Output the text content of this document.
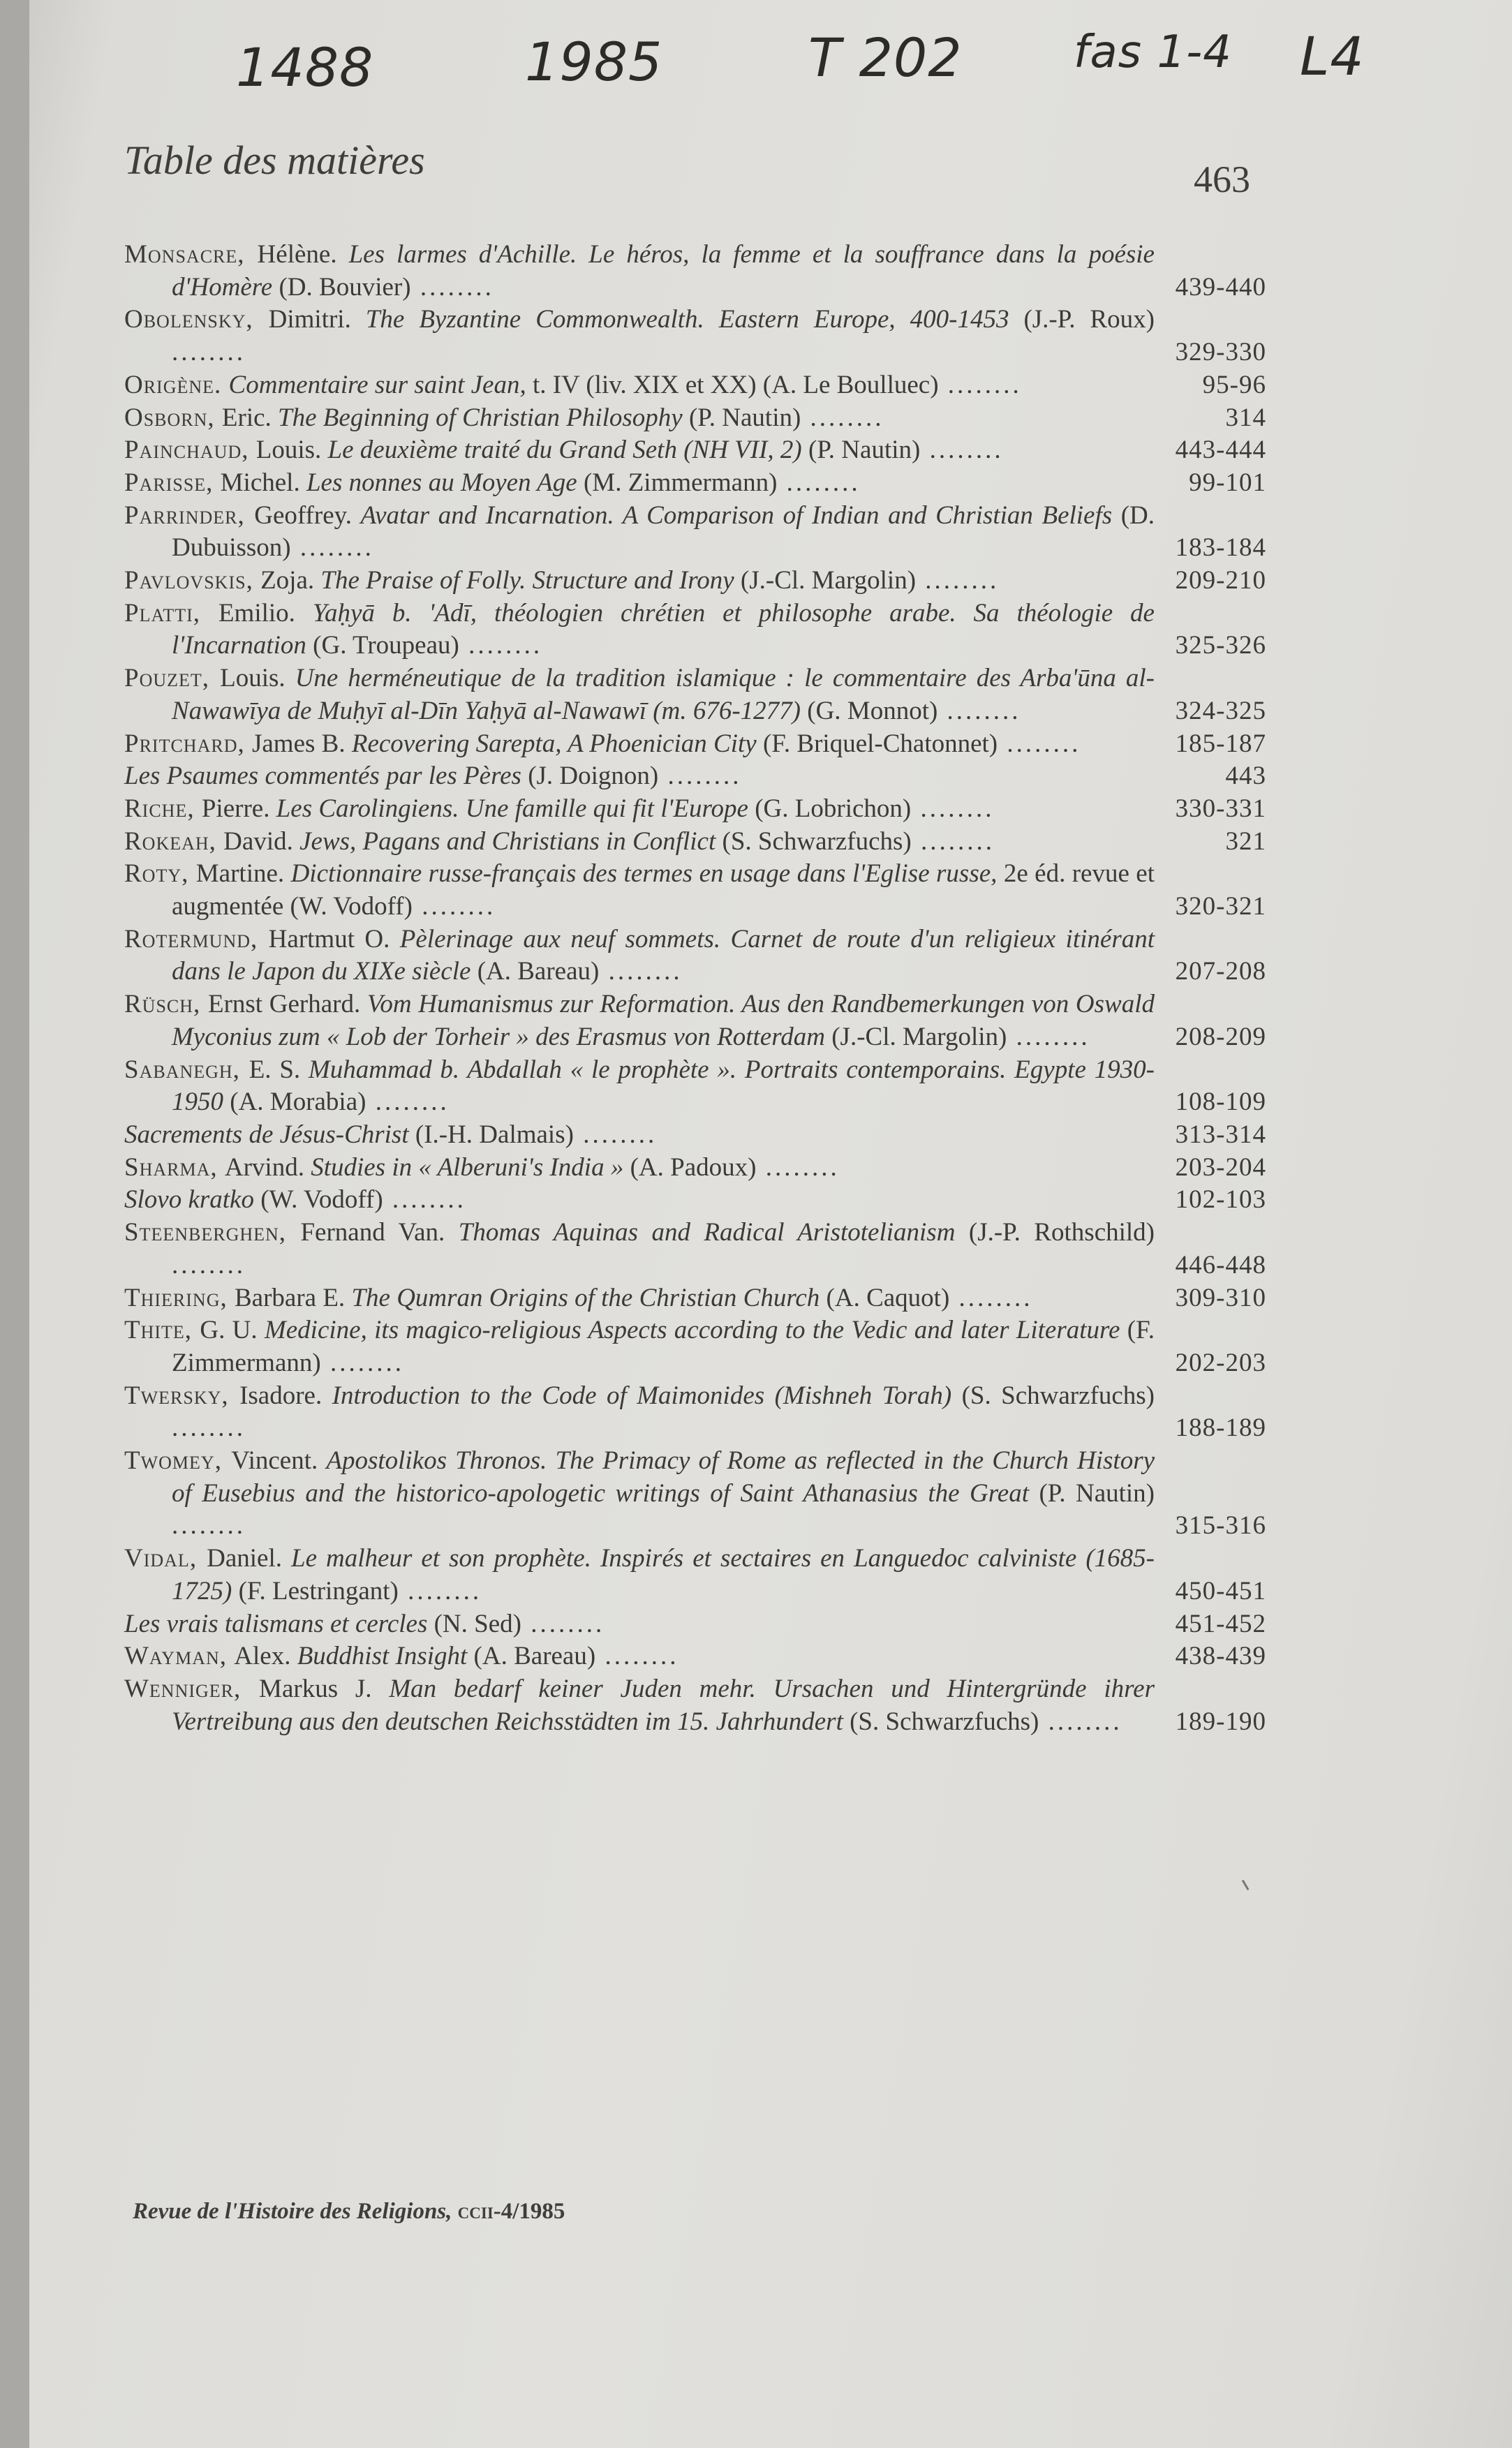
1488	1985	T 202 fas 1-4 L4
Table des matières	463
Monsacre, Hélène. Les larmes d'Achille. Le héros, la femme et la souffrance dans la poésie d'Homère (D. Bouvier) ........	439-440
Obolensky, Dimitri. The Byzantine Commonwealth. Eastern Europe, 400-1453 (J.-P. Roux) ........	329-330
Origène. Commentaire sur saint Jean, t. IV (liv. XIX et XX) (A. Le Boulluec) ........	95-96
Osborn, Eric. The Beginning of Christian Philosophy (P. Nautin) ........	314
Painchaud, Louis. Le deuxième traité du Grand Seth (NH VII, 2) (P. Nautin) ........	443-444
Parisse, Michel. Les nonnes au Moyen Age (M. Zimmermann) ........	99-101
Parrinder, Geoffrey. Avatar and Incarnation. A Comparison of Indian and Christian Beliefs (D. Dubuisson) ........	183-184
Pavlovskis, Zoja. The Praise of Folly. Structure and Irony (J.-Cl. Margolin) ........	209-210
Platti, Emilio. Yaḥyā b. 'Adī, théologien chrétien et philosophe arabe. Sa théologie de l'Incarnation (G. Troupeau) ........	325-326
Pouzet, Louis. Une herméneutique de la tradition islamique : le commentaire des Arba'ūna al-Nawawīya de Muḥyī al-Dīn Yaḥyā al-Nawawī (m. 676-1277) (G. Monnot) ........	324-325
Pritchard, James B. Recovering Sarepta, A Phoenician City (F. Briquel-Chatonnet) ........	185-187
Les Psaumes commentés par les Pères (J. Doignon) ........	443
Riche, Pierre. Les Carolingiens. Une famille qui fit l'Europe (G. Lobrichon) ........	330-331
Rokeah, David. Jews, Pagans and Christians in Conflict (S. Schwarzfuchs) ........	321
Roty, Martine. Dictionnaire russe-français des termes en usage dans l'Eglise russe, 2e éd. revue et augmentée (W. Vodoff) ........	320-321
Rotermund, Hartmut O. Pèlerinage aux neuf sommets. Carnet de route d'un religieux itinérant dans le Japon du XIXe siècle (A. Bareau) ........	207-208
Rüsch, Ernst Gerhard. Vom Humanismus zur Reformation. Aus den Randbemerkungen von Oswald Myconius zum « Lob der Torheir » des Erasmus von Rotterdam (J.-Cl. Margolin) ........	208-209
Sabanegh, E. S. Muhammad b. Abdallah « le prophète ». Portraits contemporains. Egypte 1930-1950 (A. Morabia) ........	108-109
Sacrements de Jésus-Christ (I.-H. Dalmais) ........	313-314
Sharma, Arvind. Studies in « Alberuni's India » (A. Padoux) ........	203-204
Slovo kratko (W. Vodoff) ........	102-103
Steenberghen, Fernand Van. Thomas Aquinas and Radical Aristotelianism (J.-P. Rothschild) ........	446-448
Thiering, Barbara E. The Qumran Origins of the Christian Church (A. Caquot) ........	309-310
Thite, G. U. Medicine, its magico-religious Aspects according to the Vedic and later Literature (F. Zimmermann) ........	202-203
Twersky, Isadore. Introduction to the Code of Maimonides (Mishneh Torah) (S. Schwarzfuchs) ........	188-189
Twomey, Vincent. Apostolikos Thronos. The Primacy of Rome as reflected in the Church History of Eusebius and the historico-apologetic writings of Saint Athanasius the Great (P. Nautin) ........	315-316
Vidal, Daniel. Le malheur et son prophète. Inspirés et sectaires en Languedoc calviniste (1685-1725) (F. Lestringant) ........	450-451
Les vrais talismans et cercles (N. Sed) ........	451-452
Wayman, Alex. Buddhist Insight (A. Bareau) ........	438-439
Wenniger, Markus J. Man bedarf keiner Juden mehr. Ursachen und Hintergründe ihrer Vertreibung aus den deutschen Reichsstädten im 15. Jahrhundert (S. Schwarzfuchs) ........	189-190
Revue de l'Histoire des Religions, ccii-4/1985
